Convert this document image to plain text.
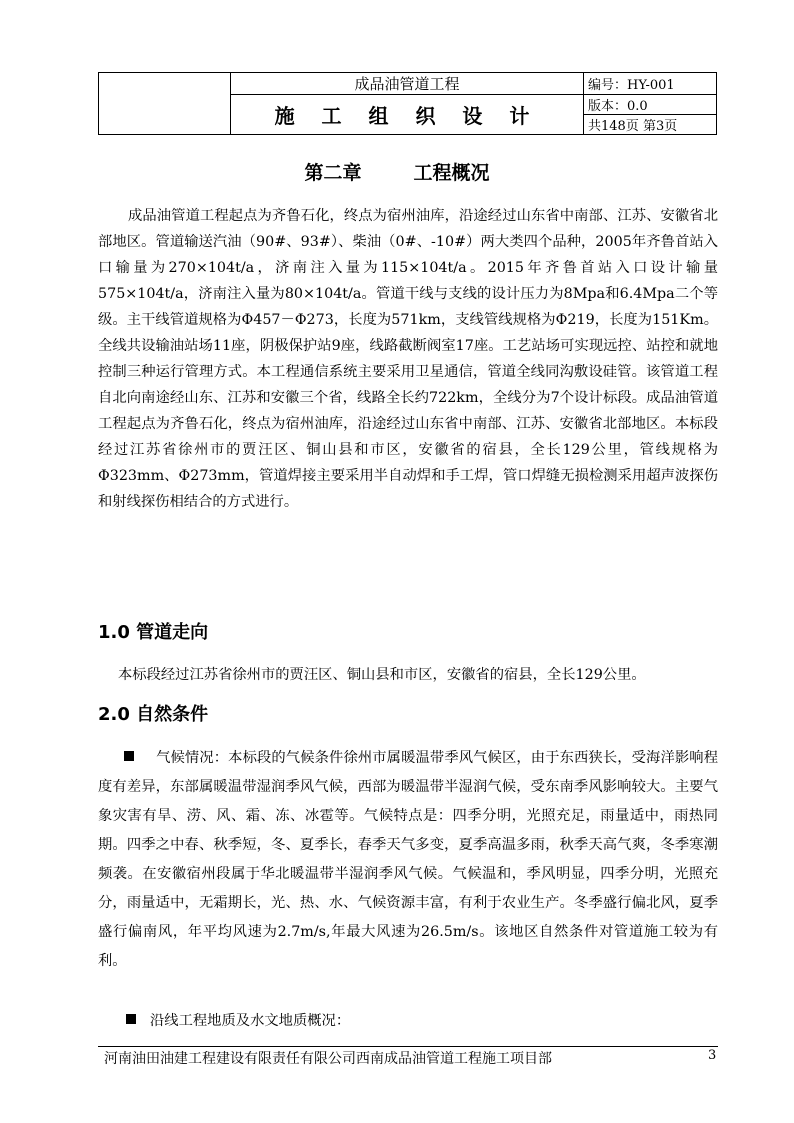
	成品油管道工程	编号：HY-001
	施 工 组 织 设 计	版本：0.0
		共148页 第3页
第二章	工程概况

成品油管道工程起点为齐鲁石化，终点为宿州油库，沿途经过山东省中南部、江苏、安徽省北部地区。管道输送汽油（90#、93#）、柴油（0#、-10#）两大类四个品种，2005年齐鲁首站入口输量为270×104t/a，济南注入量为115×104t/a。2015年齐鲁首站入口设计输量575×104t/a，济南注入量为80×104t/a。管道干线与支线的设计压力为8Mpa和6.4Mpa二个等级。主干线管道规格为Φ457－Φ273，长度为571km，支线管线规格为Φ219，长度为151Km。全线共设输油站场11座，阴极保护站9座，线路截断阀室17座。工艺站场可实现远控、站控和就地控制三种运行管理方式。本工程通信系统主要采用卫星通信，管道全线同沟敷设硅管。该管道工程自北向南途经山东、江苏和安徽三个省，线路全长约722km，全线分为7个设计标段。成品油管道工程起点为齐鲁石化，终点为宿州油库，沿途经过山东省中南部、江苏、安徽省北部地区。本标段经过江苏省徐州市的贾汪区、铜山县和市区，安徽省的宿县，全长129公里，管线规格为Φ323mm、Φ273mm，管道焊接主要采用半自动焊和手工焊，管口焊缝无损检测采用超声波探伤和射线探伤相结合的方式进行。

1.0 管道走向

本标段经过江苏省徐州市的贾汪区、铜山县和市区，安徽省的宿县，全长129公里。

2.0 自然条件

气候情况：本标段的气候条件徐州市属暖温带季风气候区，由于东西狭长，受海洋影响程度有差异，东部属暖温带湿润季风气候，西部为暖温带半湿润气候，受东南季风影响较大。主要气象灾害有旱、涝、风、霜、冻、冰雹等。气候特点是：四季分明，光照充足，雨量适中，雨热同期。四季之中春、秋季短，冬、夏季长，春季天气多变，夏季高温多雨，秋季天高气爽，冬季寒潮频袭。在安徽宿州段属于华北暖温带半湿润季风气候。气候温和，季风明显，四季分明，光照充分，雨量适中，无霜期长，光、热、水、气候资源丰富，有利于农业生产。冬季盛行偏北风，夏季盛行偏南风，年平均风速为2.7m/s,年最大风速为26.5m/s。该地区自然条件对管道施工较为有利。

沿线工程地质及水文地质概况：

河南油田油建工程建设有限责任有限公司西南成品油管道工程施工项目部	3
